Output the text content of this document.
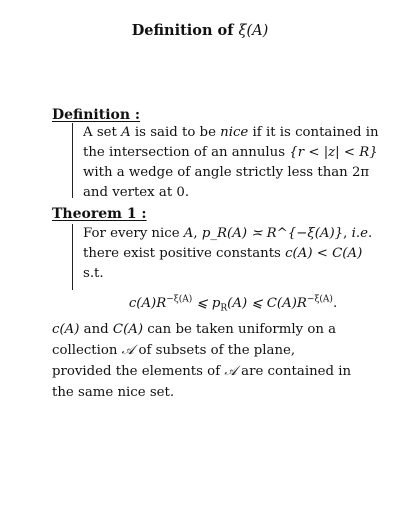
Definition of ξ(A)
Definition :

A set A is said to be nice if it is contained in the intersection of an annulus {r < |z| < R} with a wedge of angle strictly less than 2π and vertex at 0.

Theorem 1 :

For every nice A, p_R(A) ≍ R^{−ξ(A)}, i.e. there exist positive constants c(A) < C(A) s.t.

$c(A)R^{-\xi(A)}$ ⩽ $p_R(A)$ ⩽ $C(A)R^{-\xi(A)}$.
c(A) and C(A) can be taken uniformly on a collection 𝒜 of subsets of the plane, provided the elements of 𝒜 are contained in the same nice set.
